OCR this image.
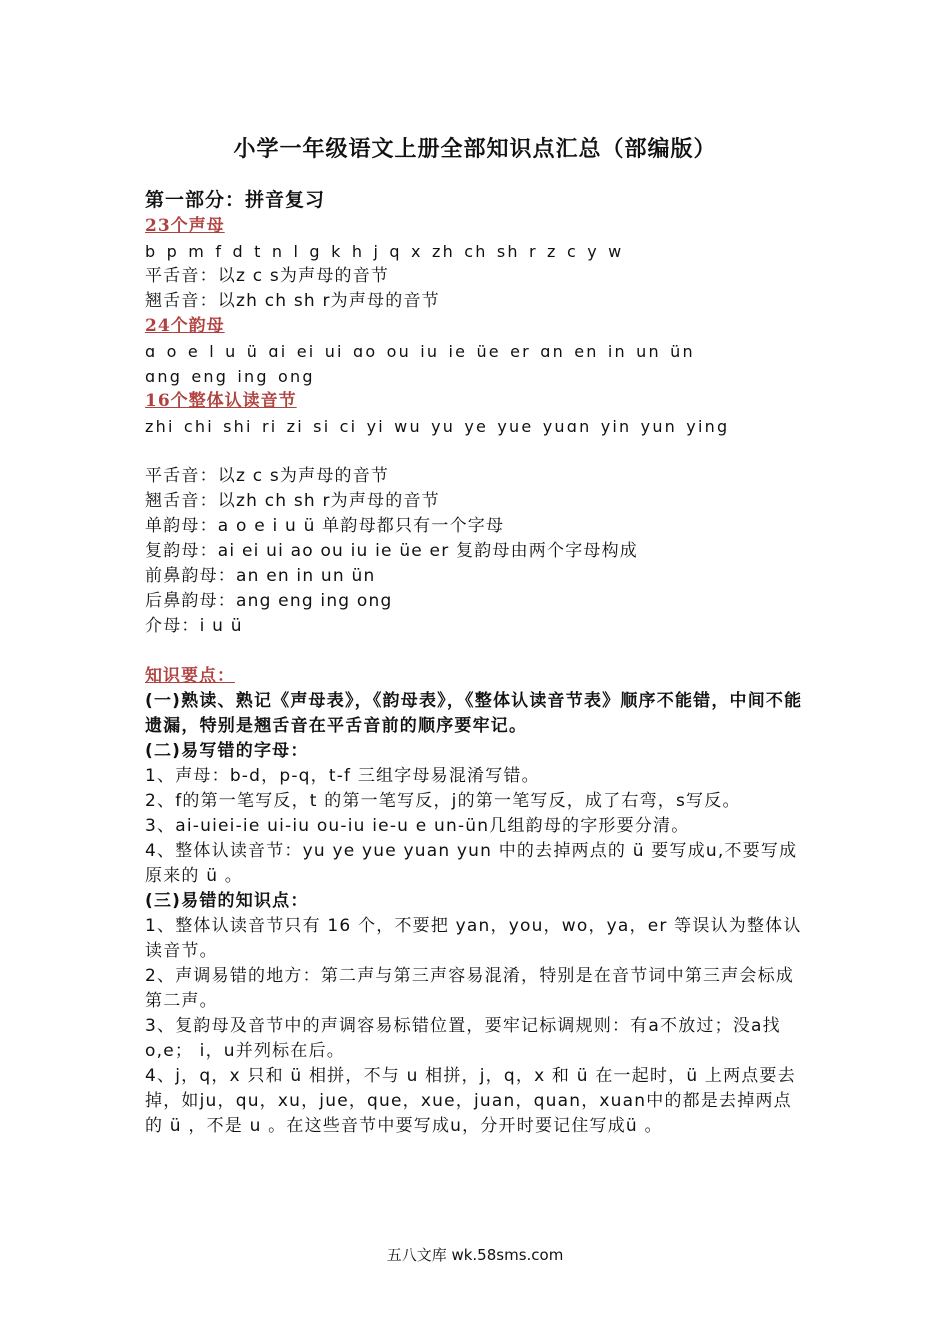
小学一年级语文上册全部知识点汇总（部编版）
第一部分：拼音复习
23个声母
b p m f d t n l g k h j q x zh ch sh r z c y w
平舌音：以z c s为声母的音节
翘舌音：以zh ch sh r为声母的音节
24个韵母
ɑ o e l u ü ɑi ei ui ɑo ou iu ie üe er ɑn en in un ün
ɑng eng ing ong
16个整体认读音节
zhi chi shi ri zi si ci yi wu yu ye yue yuɑn yin yun ying
平舌音：以z c s为声母的音节
翘舌音：以zh ch sh r为声母的音节
单韵母：a o e i u ü 单韵母都只有一个字母
复韵母：ai ei ui ao ou iu ie üe er 复韵母由两个字母构成
前鼻韵母：an en in un ün
后鼻韵母：ang eng ing ong
介母：i u ü
知识要点：
(一)熟读、熟记《声母表》，《韵母表》，《整体认读音节表》顺序不能错，中间不能遗漏，特别是翘舌音在平舌音前的顺序要牢记。
(二)易写错的字母：
1、声母：b-d，p-q，t-f 三组字母易混淆写错。
2、f的第一笔写反，t 的第一笔写反，j的第一笔写反，成了右弯，s写反。
3、ai-uiei-ie ui-iu ou-iu ie-u e un-ün几组韵母的字形要分清。
4、整体认读音节：yu ye yue yuan yun 中的去掉两点的 ü 要写成u,不要写成原来的 ü 。
(三)易错的知识点：
1、整体认读音节只有 16 个，不要把 yan，you，wo，ya，er 等误认为整体认读音节。
2、声调易错的地方：第二声与第三声容易混淆，特别是在音节词中第三声会标成第二声。
3、复韵母及音节中的声调容易标错位置，要牢记标调规则：有a不放过；没a找o,e； i，u并列标在后。
4、j，q，x 只和 ü 相拼，不与 u 相拼，j，q，x 和 ü 在一起时，ü 上两点要去掉，如ju，qu，xu，jue，que，xue，juan，quan，xuan中的都是去掉两点的 ü ，不是 u 。在这些音节中要写成u，分开时要记住写成ü 。
五八文库 wk.58sms.com
